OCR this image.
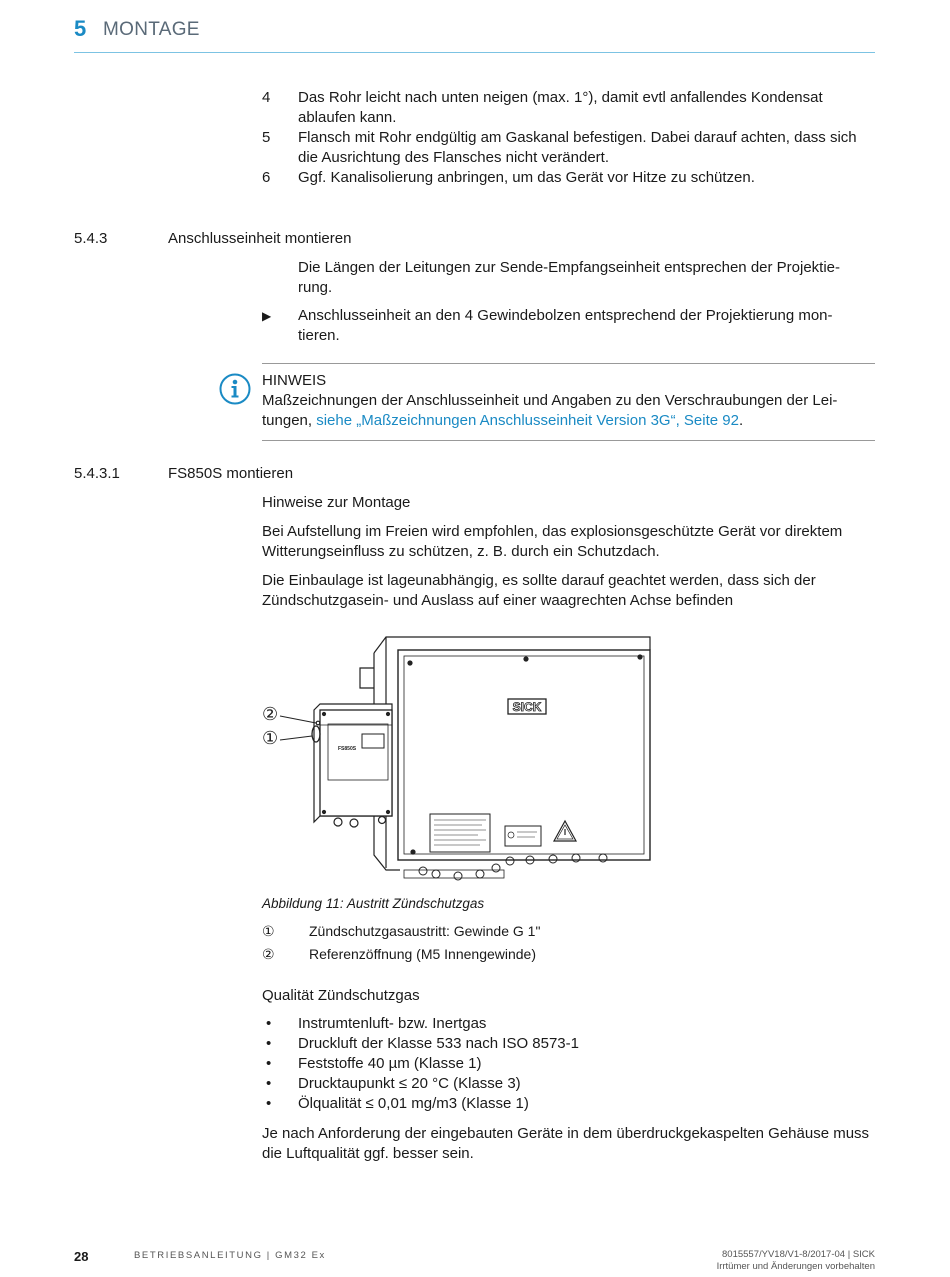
5 MONTAGE
4 Das Rohr leicht nach unten neigen (max. 1°), damit evtl anfallendes Kondensat ablaufen kann.
5 Flansch mit Rohr endgültig am Gaskanal befestigen. Dabei darauf achten, dass sich die Ausrichtung des Flansches nicht verändert.
6 Ggf. Kanalisolierung anbringen, um das Gerät vor Hitze zu schützen.
5.4.3	Anschlusseinheit montieren
Die Längen der Leitungen zur Sende-Empfangseinheit entsprechen der Projektie-rung.
▶ Anschlusseinheit an den 4 Gewindebolzen entsprechend der Projektierung mon-tieren.
HINWEIS
Maßzeichnungen der Anschlusseinheit und Angaben zu den Verschraubungen der Lei-tungen, siehe „Maßzeichnungen Anschlusseinheit Version 3G“, Seite 92.
5.4.3.1	FS850S montieren
Hinweise zur Montage
Bei Aufstellung im Freien wird empfohlen, das explosionsgeschützte Gerät vor direktem Witterungseinfluss zu schützen, z. B. durch ein Schutzdach.
Die Einbaulage ist lageunabhängig, es sollte darauf geachtet werden, dass sich der Zündschutzgasein- und Auslass auf einer waagrechten Achse befinden
SICK
FS850S
②
①
Abbildung 11: Austritt Zündschutzgas
① Zündschutzgasaustritt: Gewinde G 1"
② Referenzöffnung (M5 Innengewinde)
Qualität Zündschutzgas
• Instrumtenluft- bzw. Inertgas
• Druckluft der Klasse 533 nach ISO 8573-1
• Feststoffe 40 µm (Klasse 1)
• Drucktaupunkt ≤ 20 °C (Klasse 3)
• Ölqualität ≤ 0,01 mg/m3 (Klasse 1)
Je nach Anforderung der eingebauten Geräte in dem überdruckgekaspelten Gehäuse muss die Luftqualität ggf. besser sein.
28	BETRIEBSANLEITUNG | GM32 Ex	8015557/YV18/V1-8/2017-04 | SICK
Irrtümer und Änderungen vorbehalten
